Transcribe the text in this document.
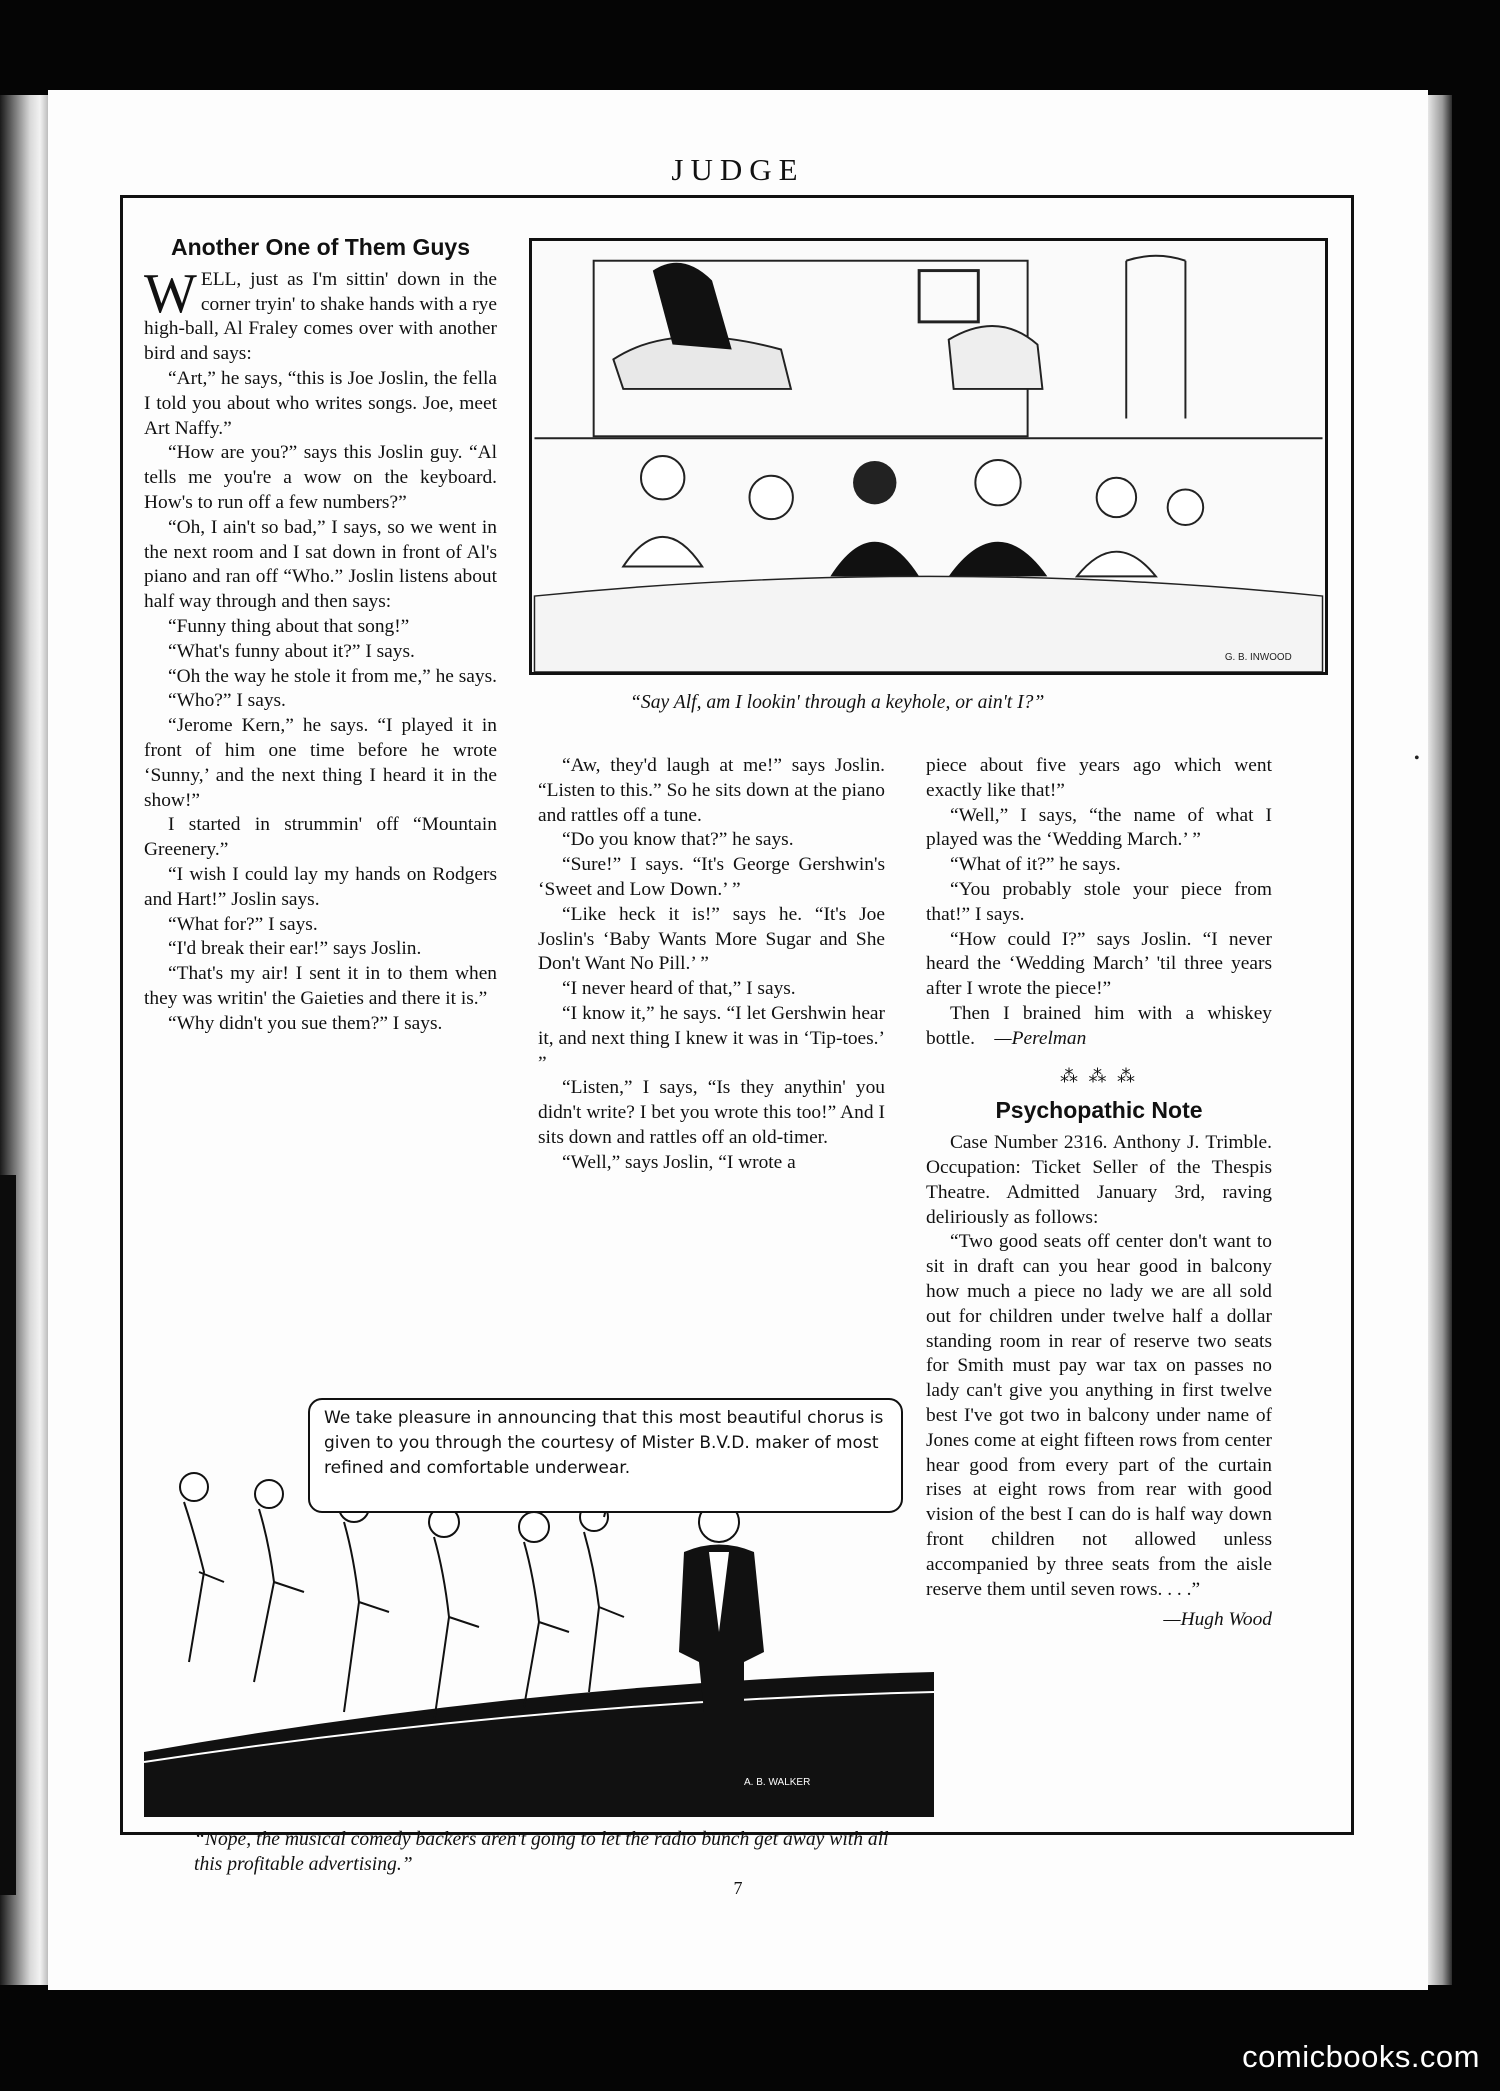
JUDGE
Another One of Them Guys

WELL, just as I'm sittin' down in the corner tryin' to shake hands with a rye high-ball, Al Fraley comes over with another bird and says:

“Art,” he says, “this is Joe Joslin, the fella I told you about who writes songs. Joe, meet Art Naffy.”

“How are you?” says this Joslin guy. “Al tells me you're a wow on the keyboard. How's to run off a few numbers?”

“Oh, I ain't so bad,” I says, so we went in the next room and I sat down in front of Al's piano and ran off “Who.” Joslin listens about half way through and then says:

“Funny thing about that song!”

“What's funny about it?” I says.

“Oh the way he stole it from me,” he says.

“Who?” I says.

“Jerome Kern,” he says. “I played it in front of him one time before he wrote ‘Sunny,’ and the next thing I heard it in the show!”

I started in strummin' off “Mountain Greenery.”

“I wish I could lay my hands on Rodgers and Hart!” Joslin says.

“What for?” I says.

“I'd break their ear!” says Joslin.

“That's my air! I sent it in to them when they was writin' the Gaieties and there it is.”

“Why didn't you sue them?” I says.

G. B. INWOOD
“Say Alf, am I lookin' through a keyhole, or ain't I?”

“Aw, they'd laugh at me!” says Joslin. “Listen to this.” So he sits down at the piano and rattles off a tune.

“Do you know that?” he says.

“Sure!” I says. “It's George Gershwin's ‘Sweet and Low Down.’ ”

“Like heck it is!” says he. “It's Joe Joslin's ‘Baby Wants More Sugar and She Don't Want No Pill.’ ”

“I never heard of that,” I says.

“I know it,” he says. “I let Gershwin hear it, and next thing I knew it was in ‘Tip-toes.’ ”

“Listen,” I says, “Is they anythin' you didn't write? I bet you wrote this too!” And I sits down and rattles off an old-timer.

“Well,” says Joslin, “I wrote a

piece about five years ago which went exactly like that!”

“Well,” I says, “the name of what I played was the ‘Wedding March.’ ”

“What of it?” he says.

“You probably stole your piece from that!” I says.

“How could I?” says Joslin. “I never heard the ‘Wedding March’ 'til three years after I wrote the piece!”

Then I brained him with a whiskey bottle. —Perelman

⁂ ⁂ ⁂
Psychopathic Note

Case Number 2316. Anthony J. Trimble. Occupation: Ticket Seller of the Thespis Theatre. Admitted January 3rd, raving deliriously as follows:

“Two good seats off center don't want to sit in draft can you hear good in balcony how much a piece no lady we are all sold out for children under twelve half a dollar standing room in rear of reserve two seats for Smith must pay war tax on passes no lady can't give you anything in first twelve best I've got two in balcony under name of Jones come at eight fifteen rows from center hear good from every part of the curtain rises at eight rows from rear with good vision of the best I can do is half way down front children not allowed unless accompanied by three seats from the aisle reserve them until seven rows. . . .”

—Hugh Wood
A. B. WALKER
We take pleasure in announcing that this most beautiful chorus is given to you through the courtesy of Mister B.V.D. maker of most refined and comfortable underwear.
“Nope, the musical comedy backers aren't going to let the radio bunch get away with all this profitable advertising.”
•
7
comicbooks.com
